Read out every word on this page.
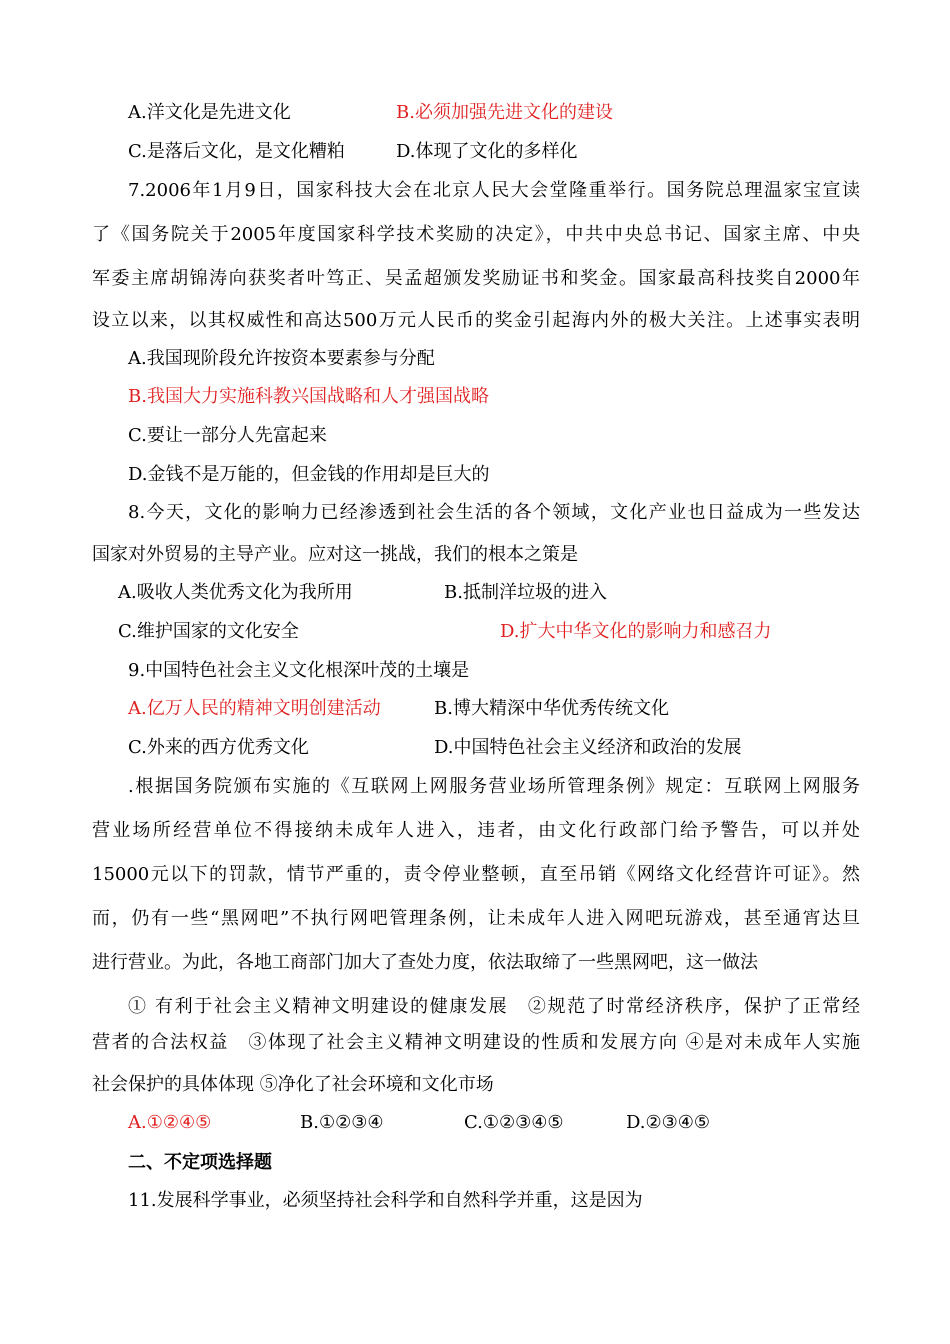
A.洋文化是先进文化	B.必须加强先进文化的建设
C.是落后文化，是文化糟粕	D.体现了文化的多样化
7.2006年1月9日，国家科技大会在北京人民大会堂隆重举行。国务院总理温家宝宣读
了《国务院关于2005年度国家科学技术奖励的决定》，中共中央总书记、国家主席、中央
军委主席胡锦涛向获奖者叶笃正、吴孟超颁发奖励证书和奖金。国家最高科技奖自2000年
设立以来，以其权威性和高达500万元人民币的奖金引起海内外的极大关注。上述事实表明
A.我国现阶段允许按资本要素参与分配
B.我国大力实施科教兴国战略和人才强国战略
C.要让一部分人先富起来
D.金钱不是万能的，但金钱的作用却是巨大的
8.今天，文化的影响力已经渗透到社会生活的各个领域，文化产业也日益成为一些发达
国家对外贸易的主导产业。应对这一挑战，我们的根本之策是
A.吸收人类优秀文化为我所用	B.抵制洋垃圾的进入
C.维护国家的文化安全	D.扩大中华文化的影响力和感召力
9.中国特色社会主义文化根深叶茂的土壤是
A.亿万人民的精神文明创建活动	B.博大精深中华优秀传统文化
C.外来的西方优秀文化	D.中国特色社会主义经济和政治的发展
.根据国务院颁布实施的《互联网上网服务营业场所管理条例》规定：互联网上网服务
营业场所经营单位不得接纳未成年人进入，违者，由文化行政部门给予警告，可以并处
15000元以下的罚款，情节严重的，责令停业整顿，直至吊销《网络文化经营许可证》。然
而，仍有一些“黑网吧”不执行网吧管理条例，让未成年人进入网吧玩游戏，甚至通宵达旦
进行营业。为此，各地工商部门加大了查处力度，依法取缔了一些黑网吧，这一做法
① 有利于社会主义精神文明建设的健康发展　②规范了时常经济秩序，保护了正常经
营者的合法权益　③体现了社会主义精神文明建设的性质和发展方向 ④是对未成年人实施
社会保护的具体体现 ⑤净化了社会环境和文化市场
A.①②④⑤	B.①②③④	C.①②③④⑤	D.②③④⑤
二、不定项选择题
11.发展科学事业，必须坚持社会科学和自然科学并重，这是因为
